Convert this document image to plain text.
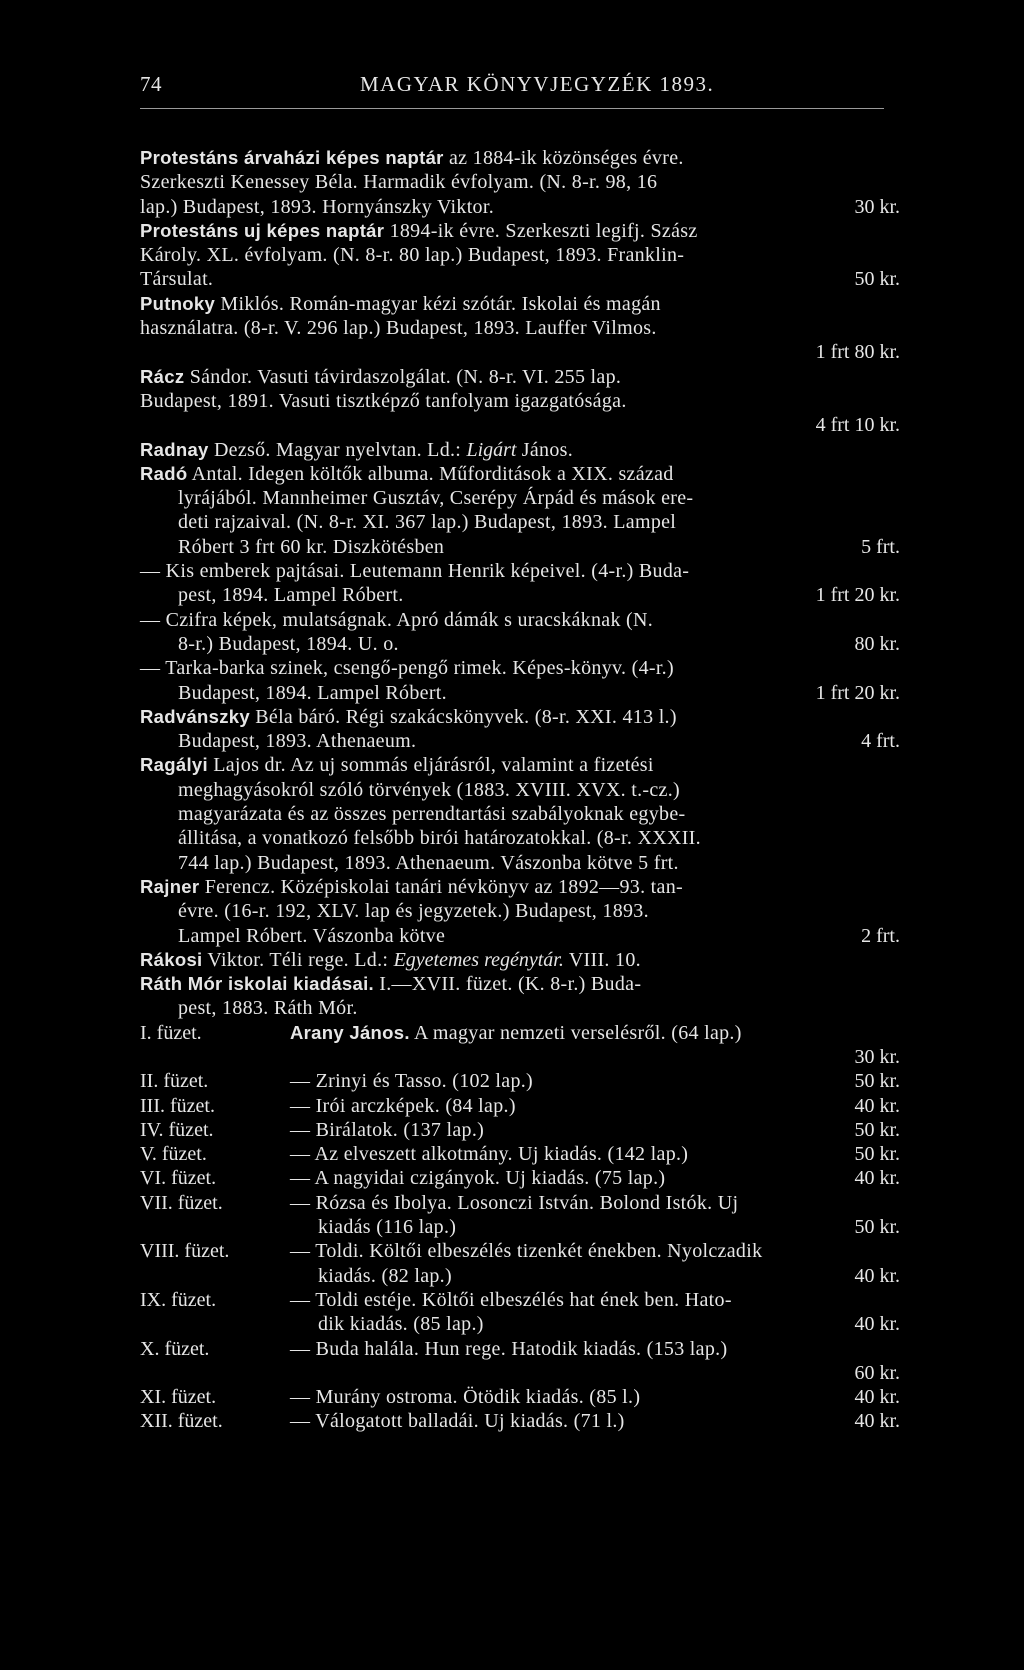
74	MAGYAR KÖNYVJEGYZÉK 1893.
Protestáns árvaházi képes naptár az 1884-ik közönséges évre.
Szerkeszti Kenessey Béla. Harmadik évfolyam. (N. 8-r. 98, 16
lap.) Budapest, 1893. Hornyánszky Viktor.	30 kr.
Protestáns uj képes naptár 1894-ik évre. Szerkeszti legifj. Szász
Károly. XL. évfolyam. (N. 8-r. 80 lap.) Budapest, 1893. Franklin-
Társulat.	50 kr.
Putnoky Miklós. Román-magyar kézi szótár. Iskolai és magán
használatra. (8-r. V. 296 lap.) Budapest, 1893. Lauffer Vilmos.
1 frt 80 kr.
Rácz Sándor. Vasuti távirdaszolgálat. (N. 8-r. VI. 255 lap.
Budapest, 1891. Vasuti tisztképző tanfolyam igazgatósága.
4 frt 10 kr.
Radnay Dezső. Magyar nyelvtan. Ld.: Ligárt János.
Radó Antal. Idegen költők albuma. Műforditások a XIX. század
lyrájából. Mannheimer Gusztáv, Cserépy Árpád és mások ere-
deti rajzaival. (N. 8-r. XI. 367 lap.) Budapest, 1893. Lampel
Róbert 3 frt 60 kr. Diszkötésben	5 frt.
— Kis emberek pajtásai. Leutemann Henrik képeivel. (4-r.) Buda-
pest, 1894. Lampel Róbert.	1 frt 20 kr.
— Czifra képek, mulatságnak. Apró dámák s uracskáknak (N.
8-r.) Budapest, 1894. U. o.	80 kr.
— Tarka-barka szinek, csengő-pengő rimek. Képes-könyv. (4-r.)
Budapest, 1894. Lampel Róbert.	1 frt 20 kr.
Radvánszky Béla báró. Régi szakácskönyvek. (8-r. XXI. 413 l.)
Budapest, 1893. Athenaeum.	4 frt.
Ragályi Lajos dr. Az uj sommás eljárásról, valamint a fizetési
meghagyásokról szóló törvények (1883. XVIII. XVX. t.-cz.)
magyarázata és az összes perrendtartási szabályoknak egybe-
állitása, a vonatkozó felsőbb birói határozatokkal. (8-r. XXXII.
744 lap.) Budapest, 1893. Athenaeum. Vászonba kötve 5 frt.
Rajner Ferencz. Középiskolai tanári névkönyv az 1892—93. tan-
évre. (16-r. 192, XLV. lap és jegyzetek.) Budapest, 1893.
Lampel Róbert. Vászonba kötve	2 frt.
Rákosi Viktor. Téli rege. Ld.: Egyetemes regénytár. VIII. 10.
Ráth Mór iskolai kiadásai. I.—XVII. füzet. (K. 8-r.) Buda-
pest, 1883. Ráth Mór.
I. füzet.	Arany János. A magyar nemzeti verselésről. (64 lap.)
30 kr.
II. füzet.	— Zrinyi és Tasso. (102 lap.)	50 kr.
III. füzet.	— Irói arczképek. (84 lap.)	40 kr.
IV. füzet.	— Birálatok. (137 lap.)	50 kr.
V. füzet.	— Az elveszett alkotmány. Uj kiadás. (142 lap.)	50 kr.
VI. füzet.	— A nagyidai czigányok. Uj kiadás. (75 lap.)	40 kr.
VII. füzet.	— Rózsa és Ibolya. Losonczi István. Bolond Istók. Uj
kiadás (116 lap.)	50 kr.
VIII. füzet.	— Toldi. Költői elbeszélés tizenkét énekben. Nyolczadik
kiadás. (82 lap.)	40 kr.
IX. füzet.	— Toldi estéje. Költői elbeszélés hat ének ben. Hato-
dik kiadás. (85 lap.)	40 kr.
X. füzet.	— Buda halála. Hun rege. Hatodik kiadás. (153 lap.)
60 kr.
XI. füzet.	— Murány ostroma. Ötödik kiadás. (85 l.)	40 kr.
XII. füzet.	— Válogatott balladái. Uj kiadás. (71 l.)	40 kr.
